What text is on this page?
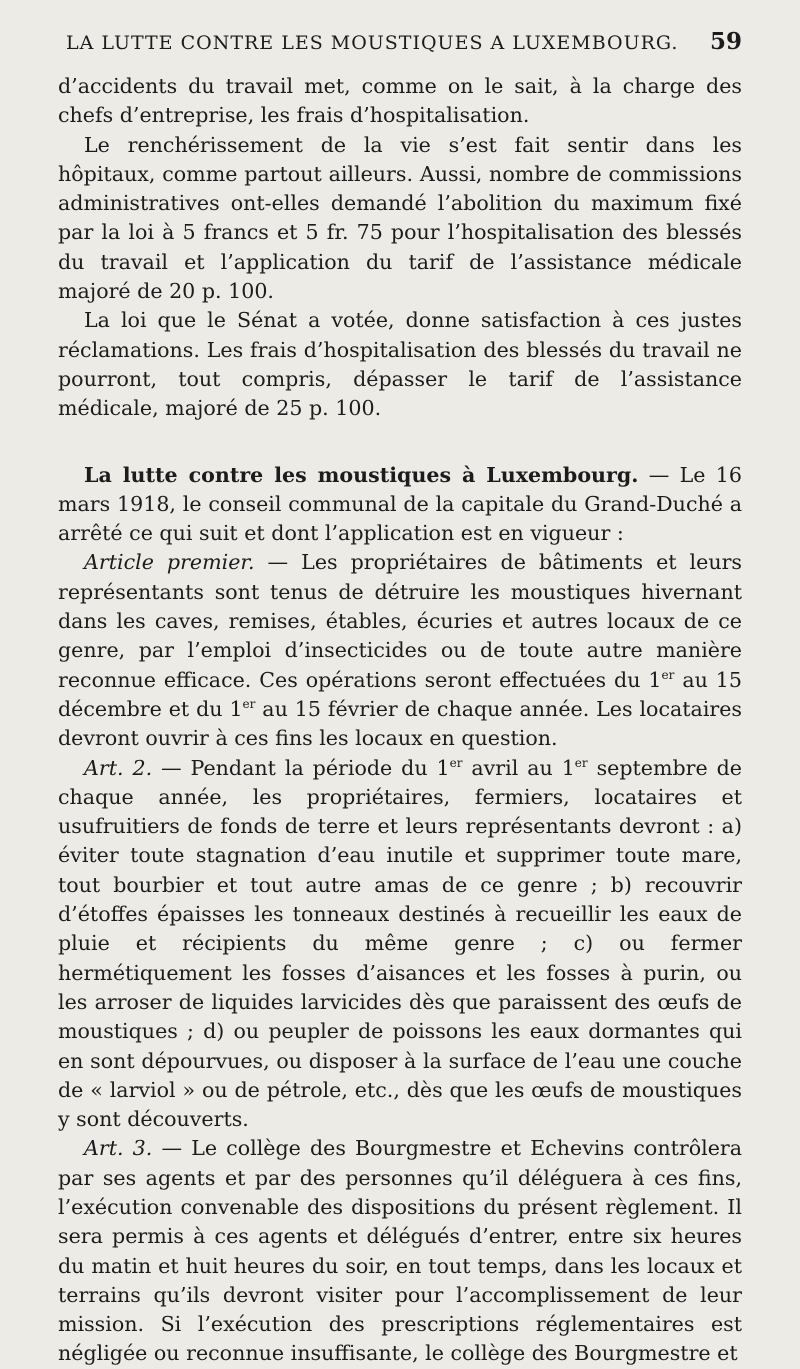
LA LUTTE CONTRE LES MOUSTIQUES A LUXEMBOURG. 59

d’accidents du travail met, comme on le sait, à la charge des chefs d’entreprise, les frais d’hospitalisation.

Le renchérissement de la vie s’est fait sentir dans les hôpitaux, comme partout ailleurs. Aussi, nombre de commissions administratives ont-elles demandé l’abolition du maximum fixé par la loi à 5 francs et 5 fr. 75 pour l’hospitalisation des blessés du travail et l’application du tarif de l’assistance médicale majoré de 20 p. 100.

La loi que le Sénat a votée, donne satisfaction à ces justes réclamations. Les frais d’hospitalisation des blessés du travail ne pourront, tout compris, dépasser le tarif de l’assistance médicale, majoré de 25 p. 100.

La lutte contre les moustiques à Luxembourg. — Le 16 mars 1918, le conseil communal de la capitale du Grand-Duché a arrêté ce qui suit et dont l’application est en vigueur :

Article premier. — Les propriétaires de bâtiments et leurs représentants sont tenus de détruire les moustiques hivernant dans les caves, remises, étables, écuries et autres locaux de ce genre, par l’emploi d’insecticides ou de toute autre manière reconnue efficace. Ces opérations seront effectuées du 1er au 15 décembre et du 1er au 15 février de chaque année. Les locataires devront ouvrir à ces fins les locaux en question.

Art. 2. — Pendant la période du 1er avril au 1er septembre de chaque année, les propriétaires, fermiers, locataires et usufruitiers de fonds de terre et leurs représentants devront : a) éviter toute stagnation d’eau inutile et supprimer toute mare, tout bourbier et tout autre amas de ce genre ; b) recouvrir d’étoffes épaisses les tonneaux destinés à recueillir les eaux de pluie et récipients du même genre ; c) ou fermer hermétiquement les fosses d’aisances et les fosses à purin, ou les arroser de liquides larvicides dès que paraissent des œufs de moustiques ; d) ou peupler de poissons les eaux dormantes qui en sont dépourvues, ou disposer à la surface de l’eau une couche de « larviol » ou de pétrole, etc., dès que les œufs de moustiques y sont découverts.

Art. 3. — Le collège des Bourgmestre et Echevins contrôlera par ses agents et par des personnes qu’il déléguera à ces fins, l’exécution convenable des dispositions du présent règlement. Il sera permis à ces agents et délégués d’entrer, entre six heures du matin et huit heures du soir, en tout temps, dans les locaux et terrains qu’ils devront visiter pour l’accomplissement de leur mission. Si l’exécution des prescriptions réglementaires est négligée ou reconnue insuffisante, le collège des Bourgmestre et
